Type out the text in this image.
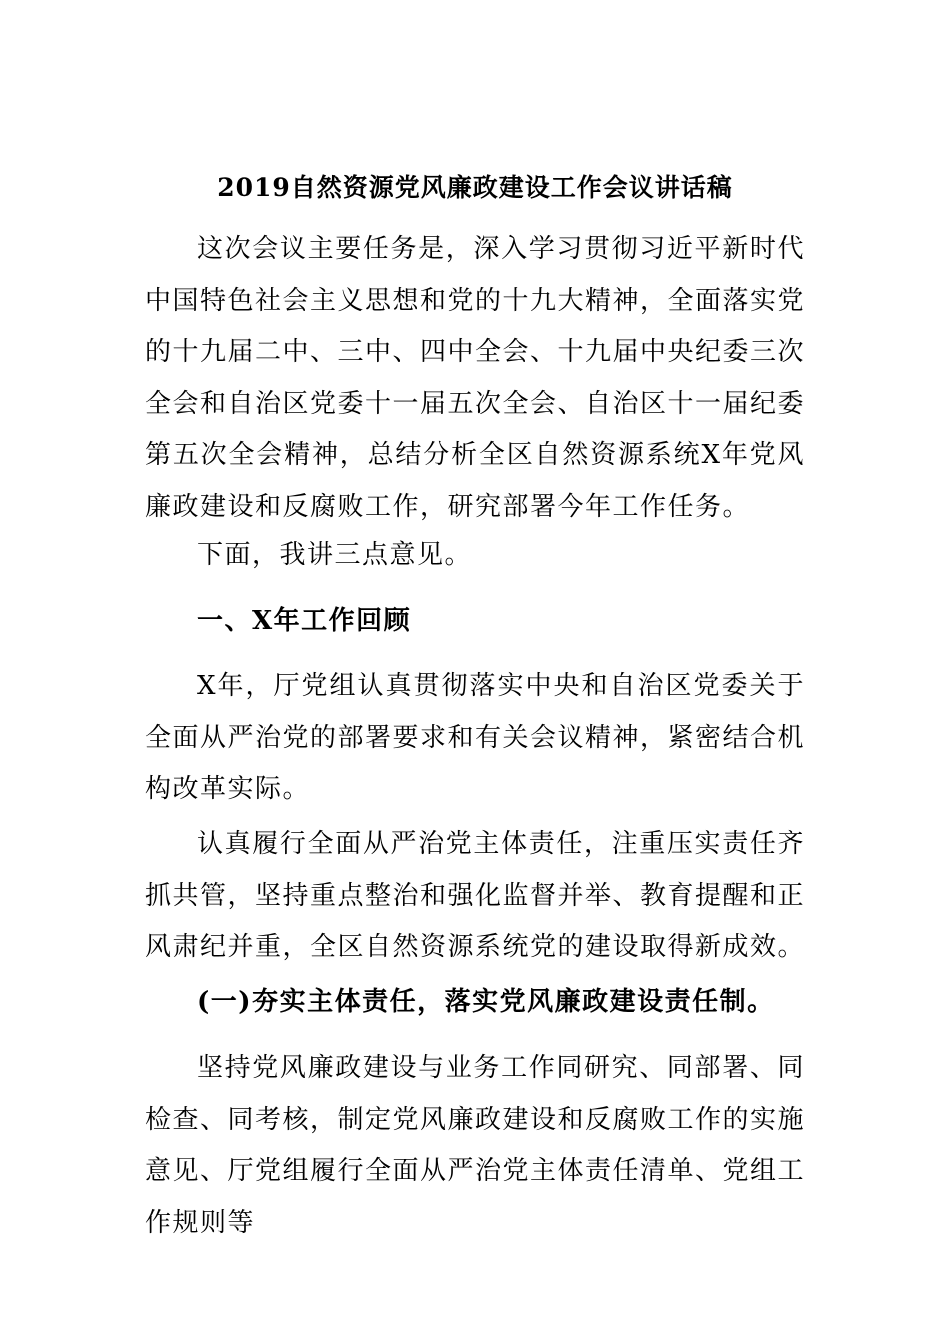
2019自然资源党风廉政建设工作会议讲话稿

这次会议主要任务是，深入学习贯彻习近平新时代中国特色社会主义思想和党的十九大精神，全面落实党的十九届二中、三中、四中全会、十九届中央纪委三次全会和自治区党委十一届五次全会、自治区十一届纪委第五次全会精神，总结分析全区自然资源系统X年党风廉政建设和反腐败工作，研究部署今年工作任务。

下面，我讲三点意见。

一、X年工作回顾

X年，厅党组认真贯彻落实中央和自治区党委关于全面从严治党的部署要求和有关会议精神，紧密结合机构改革实际。

认真履行全面从严治党主体责任，注重压实责任齐抓共管，坚持重点整治和强化监督并举、教育提醒和正风肃纪并重，全区自然资源系统党的建设取得新成效。

(一)夯实主体责任，落实党风廉政建设责任制。

坚持党风廉政建设与业务工作同研究、同部署、同检查、同考核，制定党风廉政建设和反腐败工作的实施意见、厅党组履行全面从严治党主体责任清单、党组工作规则等
